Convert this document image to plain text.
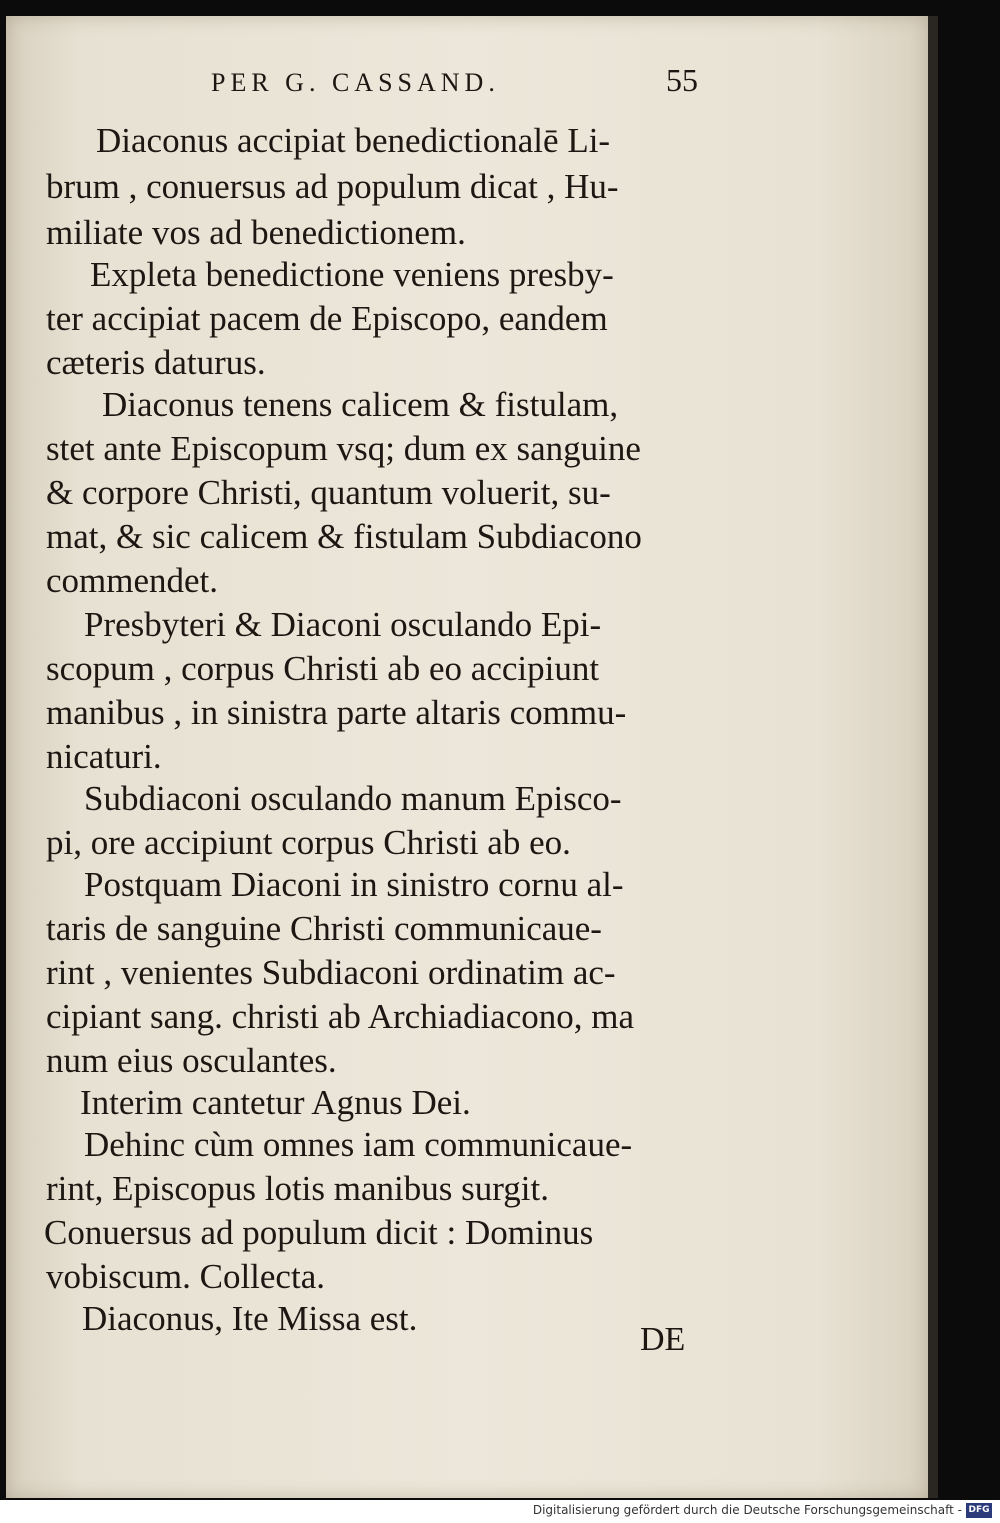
PER G. CASSAND.	55
Diaconus accipiat benedictionalē Li-
brum , conuersus ad populum dicat , Hu-
miliate vos ad benedictionem.
Expleta benedictione veniens presby-
ter accipiat pacem de Episcopo, eandem
cæteris daturus.
Diaconus tenens calicem & fistulam,
stet ante Episcopum vsq; dum ex sanguine
& corpore Christi, quantum voluerit, su-
mat, & sic calicem & fistulam Subdiacono
commendet.
Presbyteri & Diaconi osculando Epi-
scopum , corpus Christi ab eo accipiunt
manibus , in sinistra parte altaris commu-
nicaturi.
Subdiaconi osculando manum Episco-
pi, ore accipiunt corpus Christi ab eo.
Postquam Diaconi in sinistro cornu al-
taris de sanguine Christi communicaue-
rint , venientes Subdiaconi ordinatim ac-
cipiant sang. christi ab Archiadiacono, ma
num eius osculantes.
Interim cantetur Agnus Dei.
Dehinc cùm omnes iam communicaue-
rint, Episcopus lotis manibus surgit.
Conuersus ad populum dicit : Dominus
vobiscum. Collecta.
Diaconus, Ite Missa est.
DE
Digitalisierung gefördert durch die Deutsche Forschungsgemeinschaft - DFG
